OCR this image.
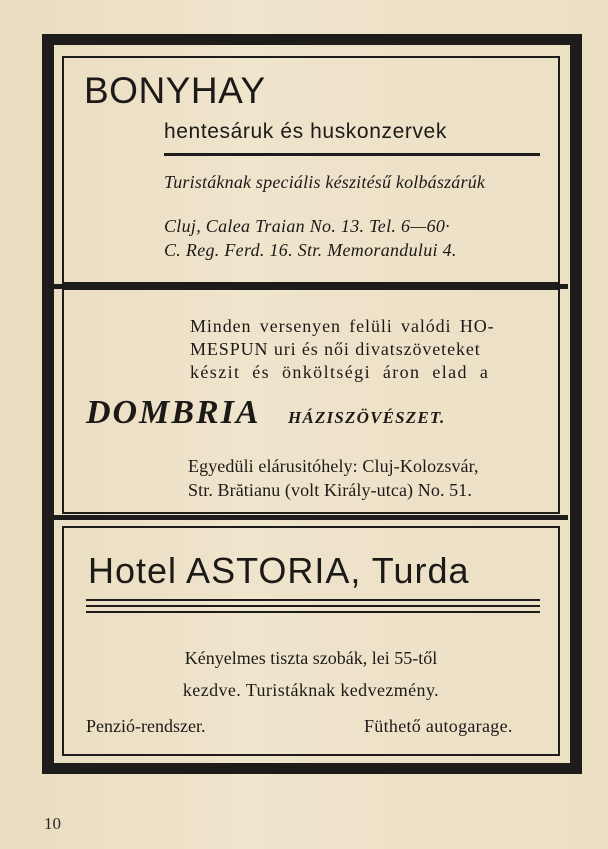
BONYHAY
hentesáruk és huskonzervek
Turistáknak speciális készitésű kolbászárúk
Cluj, Calea Traian No. 13. Tel. 6—60·
C. Reg. Ferd. 16. Str. Memorandului 4.
Minden versenyen felüli valódi HO-
MESPUN uri és női divatszöveteket
készit és önköltségi áron elad a
DOMBRIA HÁZISZÖVÉSZET.
Egyedüli elárusitóhely: Cluj-Kolozsvár,
Str. Brătianu (volt Király-utca) No. 51.
Hotel ASTORIA, Turda
Kényelmes tiszta szobák, lei 55-től
kezdve. Turistáknak kedvezmény.
Penzió-rendszer.	Füthető autogarage.
10
